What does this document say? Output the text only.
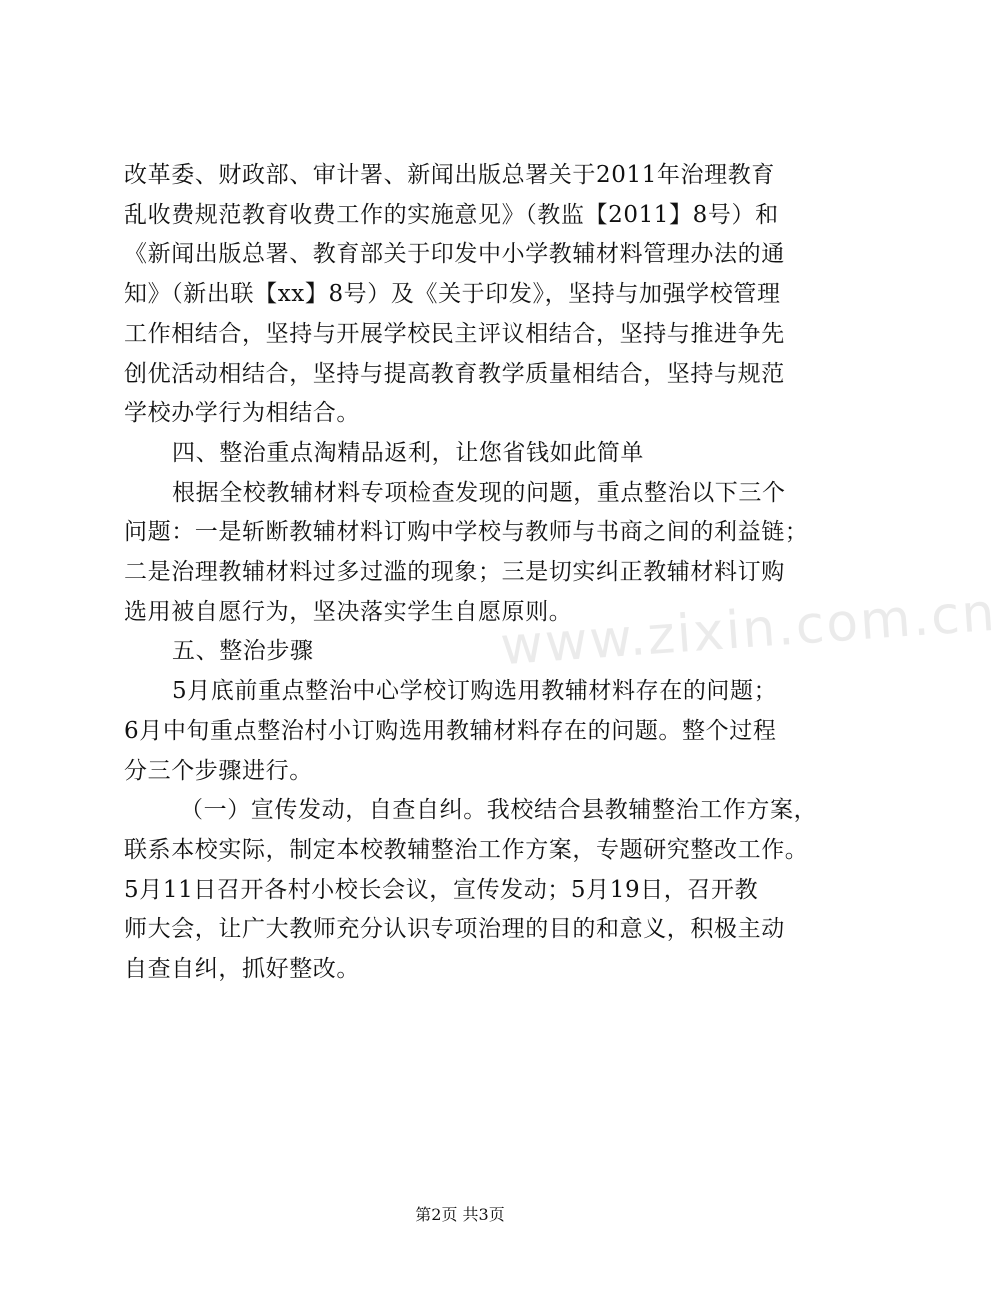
www.zixin.com.cn

改革委、财政部、审计署、新闻出版总署关于2011年治理教育
乱收费规范教育收费工作的实施意见》（教监【2011】8号）和
《新闻出版总署、教育部关于印发中小学教辅材料管理办法的通
知》（新出联【xx】8号）及《关于印发》，坚持与加强学校管理
工作相结合，坚持与开展学校民主评议相结合，坚持与推进争先
创优活动相结合，坚持与提高教育教学质量相结合，坚持与规范
学校办学行为相结合。

四、整治重点淘精品返利，让您省钱如此简单

根据全校教辅材料专项检查发现的问题，重点整治以下三个
问题：一是斩断教辅材料订购中学校与教师与书商之间的利益链；
二是治理教辅材料过多过滥的现象；三是切实纠正教辅材料订购
选用被自愿行为，坚决落实学生自愿原则。

五、整治步骤

5月底前重点整治中心学校订购选用教辅材料存在的问题；
6月中旬重点整治村小订购选用教辅材料存在的问题。整个过程
分三个步骤进行。

（一）宣传发动，自查自纠。我校结合县教辅整治工作方案，
联系本校实际，制定本校教辅整治工作方案，专题研究整改工作。
5月11日召开各村小校长会议，宣传发动；5月19日，召开教
师大会，让广大教师充分认识专项治理的目的和意义，积极主动
自查自纠，抓好整改。

第2页 共3页
